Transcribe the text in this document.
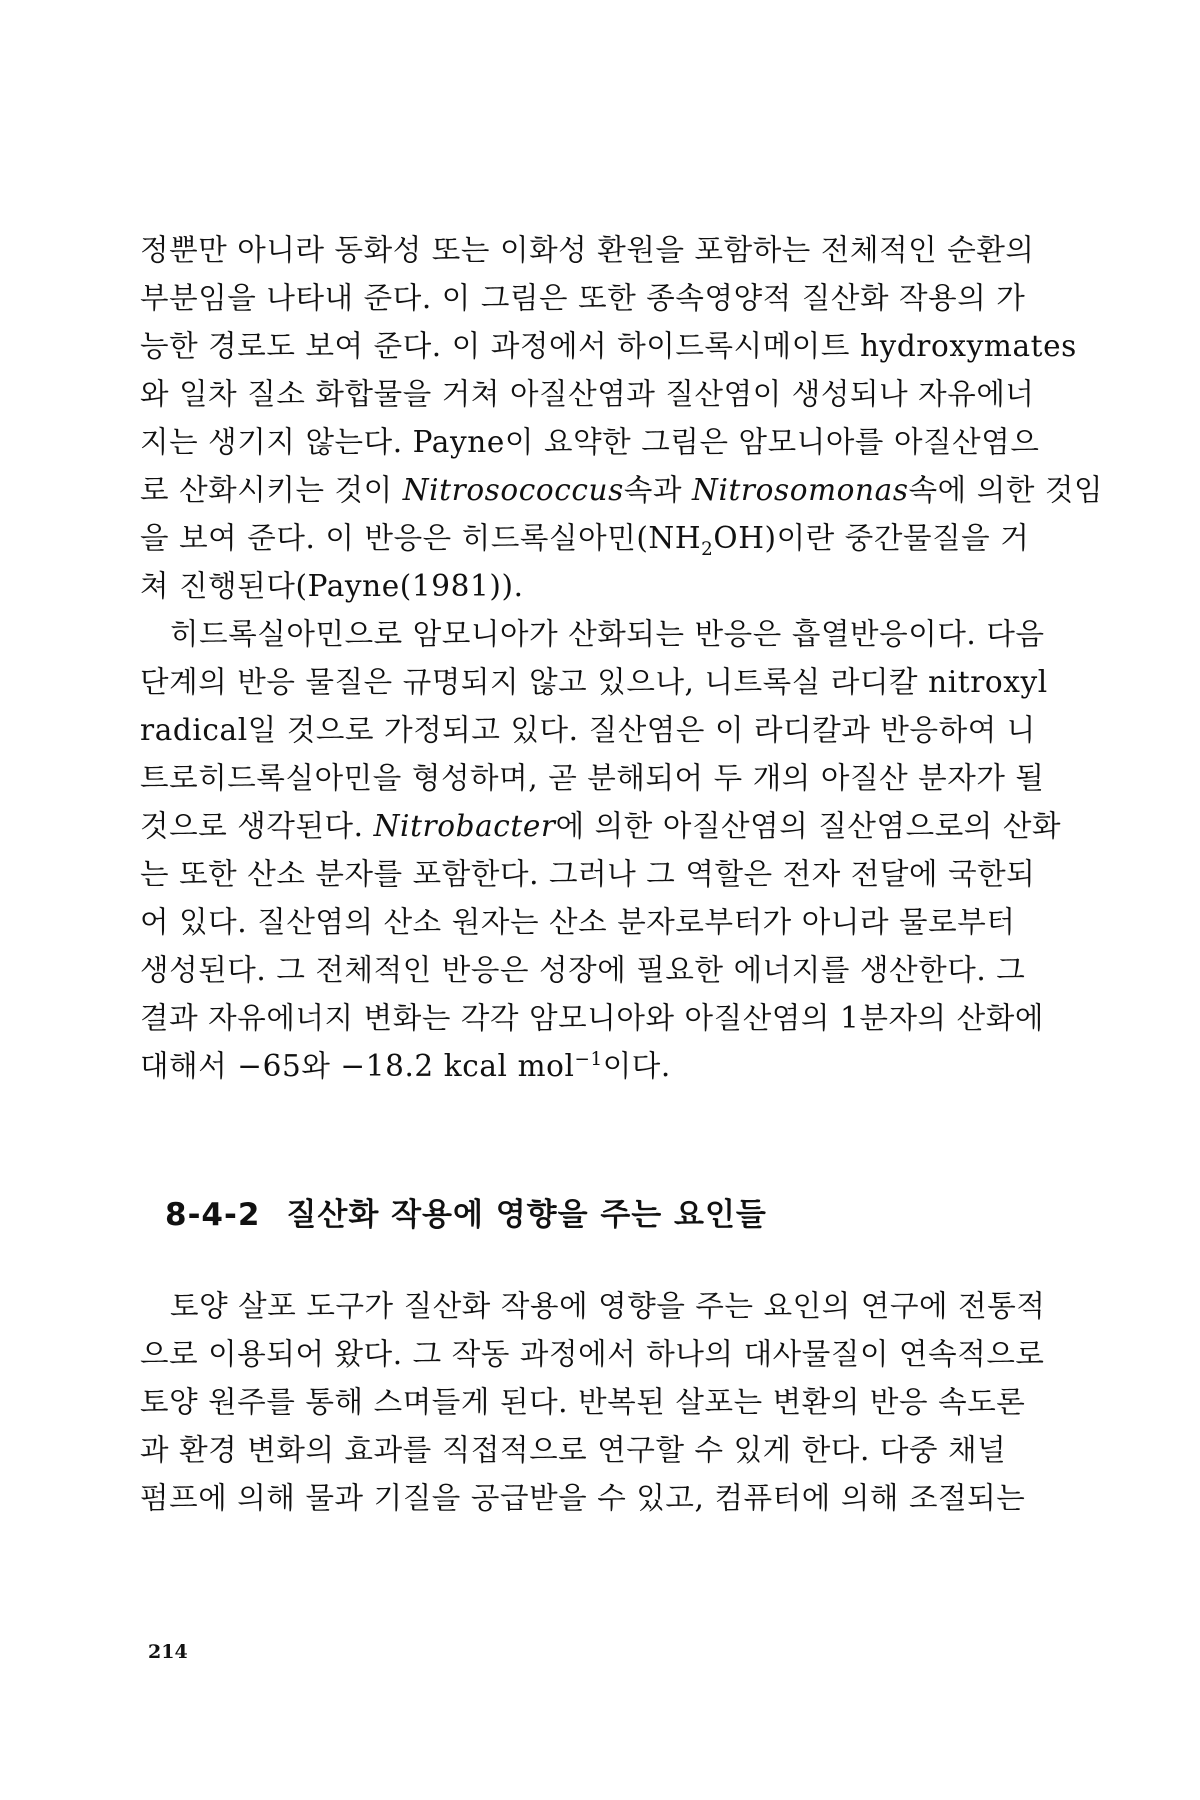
정뿐만 아니라 동화성 또는 이화성 환원을 포함하는 전체적인 순환의
부분임을 나타내 준다. 이 그림은 또한 종속영양적 질산화 작용의 가
능한 경로도 보여 준다. 이 과정에서 하이드록시메이트 hydroxymates
와 일차 질소 화합물을 거쳐 아질산염과 질산염이 생성되나 자유에너
지는 생기지 않는다. Payne이 요약한 그림은 암모니아를 아질산염으
로 산화시키는 것이 Nitrosococcus속과 Nitrosomonas속에 의한 것임
을 보여 준다. 이 반응은 히드록실아민$(NH_2OH)$이란 중간물질을 거
쳐 진행된다(Payne(1981)).
히드록실아민으로 암모니아가 산화되는 반응은 흡열반응이다. 다음
단계의 반응 물질은 규명되지 않고 있으나, 니트록실 라디칼 nitroxyl
radical일 것으로 가정되고 있다. 질산염은 이 라디칼과 반응하여 니
트로히드록실아민을 형성하며, 곧 분해되어 두 개의 아질산 분자가 될
것으로 생각된다. Nitrobacter에 의한 아질산염의 질산염으로의 산화
는 또한 산소 분자를 포함한다. 그러나 그 역할은 전자 전달에 국한되
어 있다. 질산염의 산소 원자는 산소 분자로부터가 아니라 물로부터
생성된다. 그 전체적인 반응은 성장에 필요한 에너지를 생산한다. 그
결과 자유에너지 변화는 각각 암모니아와 아질산염의 1분자의 산화에
대해서 −65와 −18.2 kcal mol$^{-1}$이다.
8-4-2 질산화 작용에 영향을 주는 요인들
토양 살포 도구가 질산화 작용에 영향을 주는 요인의 연구에 전통적
으로 이용되어 왔다. 그 작동 과정에서 하나의 대사물질이 연속적으로
토양 원주를 통해 스며들게 된다. 반복된 살포는 변환의 반응 속도론
과 환경 변화의 효과를 직접적으로 연구할 수 있게 한다. 다중 채널
펌프에 의해 물과 기질을 공급받을 수 있고, 컴퓨터에 의해 조절되는
214
